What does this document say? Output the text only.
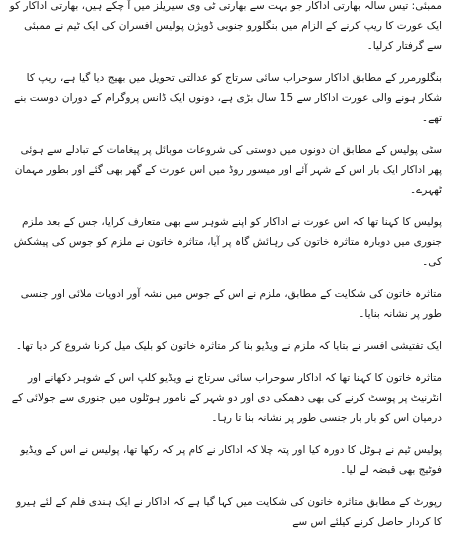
ممبئی: تیس سالہ بھارتی اداکار جو بہت سے بھارتی ٹی وی سیریلز میں آ چکے ہیں، بھارتی اداکار کو ایک عورت کا ریپ کرنے کے الزام میں بنگلورو جنوبی ڈویژن پولیس افسران کی ایک ٹیم نے ممبئی سے گرفتار کرلیا۔

بنگلورمرر کے مطابق اداکار سوحراب سائی سرتاج کو عدالتی تحویل میں بھیج دیا گیا ہے، ریپ کا شکار ہونے والی عورت اداکار سے 15 سال بڑی ہے، دونوں ایک ڈانس پروگرام کے دوران دوست بنے تھے۔

سٹی پولیس کے مطابق ان دونوں میں دوستی کی شروعات موبائل پر پیغامات کے تبادلے سے ہوئی پھر اداکار ایک بار اس کے شہر آئے اور میسور روڈ میں اس عورت کے گھر بھی گئے اور بطور مہمان ٹھہرے۔

پولیس کا کہنا تھا کہ اس عورت نے اداکار کو اپنے شوہر سے بھی متعارف کرایا، جس کے بعد ملزم جنوری میں دوبارہ متاثرہ خاتون کی رہائش گاہ پر آیا، متاثرہ خاتون نے ملزم کو جوس کی پیشکش کی۔

متاثرہ خاتون کی شکایت کے مطابق، ملزم نے اس کے جوس میں نشہ آور ادویات ملائی اور جنسی طور پر نشانہ بنایا۔

ایک تفتیشی افسر نے بتایا کہ ملزم نے ویڈیو بنا کر متاثرہ خاتون کو بلیک میل کرنا شروع کر دیا تھا۔

متاثرہ خاتون کا کہنا تھا کہ اداکار سوحراب سائی سرتاج نے ویڈیو کلپ اس کے شوہر دکھانے اور انٹرنیٹ پر پوسٹ کرنے کی بھی دھمکی دی اور دو شہر کے نامور ہوٹلوں میں جنوری سے جولائی کے درمیان اس کو بار بار جنسی طور پر نشانہ بنا تا رہا۔

پولیس ٹیم نے ہوٹل کا دورہ کیا اور پتہ چلا کہ اداکار نے کام پر کہ رکھا تھا، پولیس نے اس کے ویڈیو فوٹیج بھی قبضہ لے لیا۔

رپورٹ کے مطابق متاثرہ خاتون کی شکایت میں کہا گیا ہے کہ اداکار نے ایک ہندی فلم کے لئے ہیرو کا کردار حاصل کرنے کیلئے اس سے
